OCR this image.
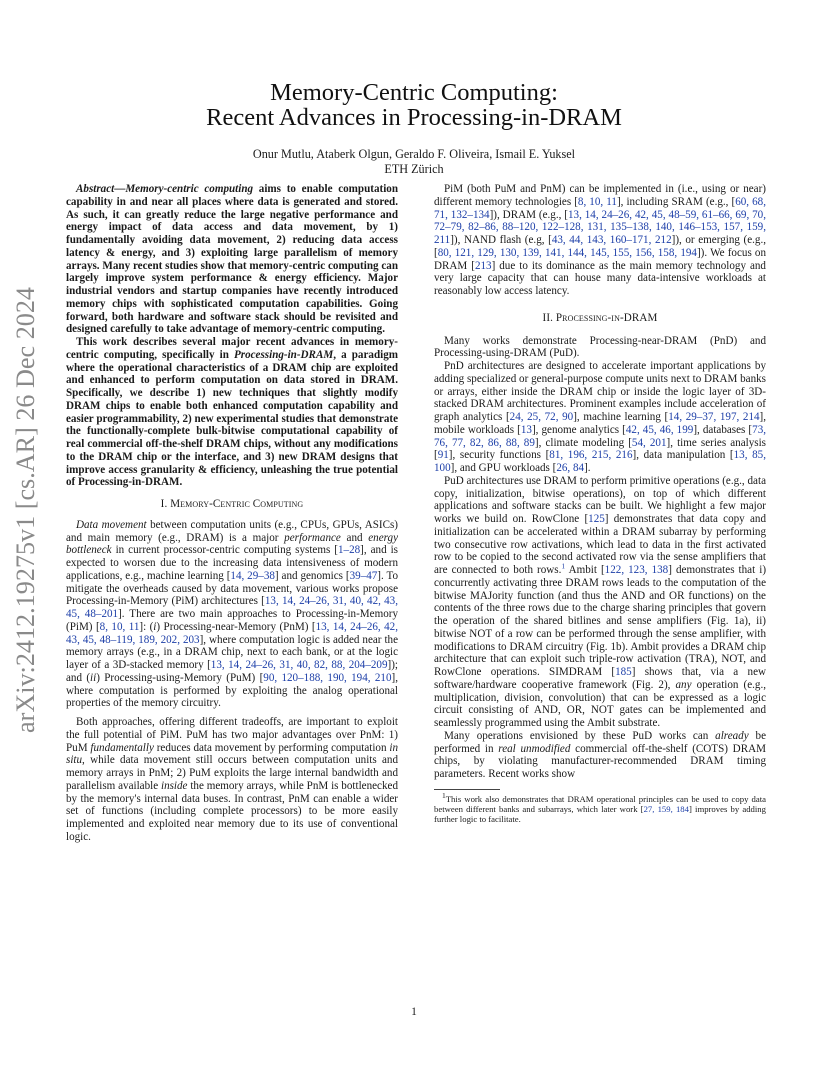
arXiv:2412.19275v1 [cs.AR] 26 Dec 2024
Memory-Centric Computing:
Recent Advances in Processing-in-DRAM
Onur Mutlu, Ataberk Olgun, Geraldo F. Oliveira, Ismail E. Yuksel
ETH Zürich

Abstract—Memory-centric computing aims to enable computation capability in and near all places where data is generated and stored. As such, it can greatly reduce the large negative performance and energy impact of data access and data movement, by 1) fundamentally avoiding data movement, 2) reducing data access latency & energy, and 3) exploiting large parallelism of memory arrays. Many recent studies show that memory-centric computing can largely improve system performance & energy efficiency. Major industrial vendors and startup companies have recently introduced memory chips with sophisticated computation capabilities. Going forward, both hardware and software stack should be revisited and designed carefully to take advantage of memory-centric computing.

This work describes several major recent advances in memory-centric computing, specifically in Processing-in-DRAM, a paradigm where the operational characteristics of a DRAM chip are exploited and enhanced to perform computation on data stored in DRAM. Specifically, we describe 1) new techniques that slightly modify DRAM chips to enable both enhanced computation capability and easier programmability, 2) new experimental studies that demonstrate the functionally-complete bulk-bitwise computational capability of real commercial off-the-shelf DRAM chips, without any modifications to the DRAM chip or the interface, and 3) new DRAM designs that improve access granularity & efficiency, unleashing the true potential of Processing-in-DRAM.

I. Memory-Centric Computing

Data movement between computation units (e.g., CPUs, GPUs, ASICs) and main memory (e.g., DRAM) is a major performance and energy bottleneck in current processor-centric computing systems [1–28], and is expected to worsen due to the increasing data intensiveness of modern applications, e.g., machine learning [14, 29–38] and genomics [39–47]. To mitigate the overheads caused by data movement, various works propose Processing-in-Memory (PiM) architectures [13, 14, 24–26, 31, 40, 42, 43, 45, 48–201]. There are two main approaches to Processing-in-Memory (PiM) [8, 10, 11]: (i) Processing-near-Memory (PnM) [13, 14, 24–26, 42, 43, 45, 48–119, 189, 202, 203], where computation logic is added near the memory arrays (e.g., in a DRAM chip, next to each bank, or at the logic layer of a 3D-stacked memory [13, 14, 24–26, 31, 40, 82, 88, 204–209]); and (ii) Processing-using-Memory (PuM) [90, 120–188, 190, 194, 210], where computation is performed by exploiting the analog operational properties of the memory circuitry.

Both approaches, offering different tradeoffs, are important to exploit the full potential of PiM. PuM has two major advantages over PnM: 1) PuM fundamentally reduces data movement by performing computation in situ, while data movement still occurs between computation units and memory arrays in PnM; 2) PuM exploits the large internal bandwidth and parallelism available inside the memory arrays, while PnM is bottlenecked by the memory's internal data buses. In contrast, PnM can enable a wider set of functions (including complete processors) to be more easily implemented and exploited near memory due to its use of conventional logic.

PiM (both PuM and PnM) can be implemented in (i.e., using or near) different memory technologies [8, 10, 11], including SRAM (e.g., [60, 68, 71, 132–134]), DRAM (e.g., [13, 14, 24–26, 42, 45, 48–59, 61–66, 69, 70, 72–79, 82–86, 88–120, 122–128, 131, 135–138, 140, 146–153, 157, 159, 211]), NAND flash (e.g, [43, 44, 143, 160–171, 212]), or emerging (e.g., [80, 121, 129, 130, 139, 141, 144, 145, 155, 156, 158, 194]). We focus on DRAM [213] due to its dominance as the main memory technology and very large capacity that can house many data-intensive workloads at reasonably low access latency.

II. Processing-in-DRAM

Many works demonstrate Processing-near-DRAM (PnD) and Processing-using-DRAM (PuD).

PnD architectures are designed to accelerate important applications by adding specialized or general-purpose compute units next to DRAM banks or arrays, either inside the DRAM chip or inside the logic layer of 3D-stacked DRAM architectures. Prominent examples include acceleration of graph analytics [24, 25, 72, 90], machine learning [14, 29–37, 197, 214], mobile workloads [13], genome analytics [42, 45, 46, 199], databases [73, 76, 77, 82, 86, 88, 89], climate modeling [54, 201], time series analysis [91], security functions [81, 196, 215, 216], data manipulation [13, 85, 100], and GPU workloads [26, 84].

PuD architectures use DRAM to perform primitive operations (e.g., data copy, initialization, bitwise operations), on top of which different applications and software stacks can be built. We highlight a few major works we build on. RowClone [125] demonstrates that data copy and initialization can be accelerated within a DRAM subarray by performing two consecutive row activations, which lead to data in the first activated row to be copied to the second activated row via the sense amplifiers that are connected to both rows.$^1$ Ambit [122, 123, 138] demonstrates that i) concurrently activating three DRAM rows leads to the computation of the bitwise MAJority function (and thus the AND and OR functions) on the contents of the three rows due to the charge sharing principles that govern the operation of the shared bitlines and sense amplifiers (Fig. 1a), ii) bitwise NOT of a row can be performed through the sense amplifier, with modifications to DRAM circuitry (Fig. 1b). Ambit provides a DRAM chip architecture that can exploit such triple-row activation (TRA), NOT, and RowClone operations. SIMDRAM [185] shows that, via a new software/hardware cooperative framework (Fig. 2), any operation (e.g., multiplication, division, convolution) that can be expressed as a logic circuit consisting of AND, OR, NOT gates can be implemented and seamlessly programmed using the Ambit substrate.

Many operations envisioned by these PuD works can already be performed in real unmodified commercial off-the-shelf (COTS) DRAM chips, by violating manufacturer-recommended DRAM timing parameters. Recent works show

$^1$This work also demonstrates that DRAM operational principles can be used to copy data between different banks and subarrays, which later work [27, 159, 184] improves by adding further logic to facilitate.

1
